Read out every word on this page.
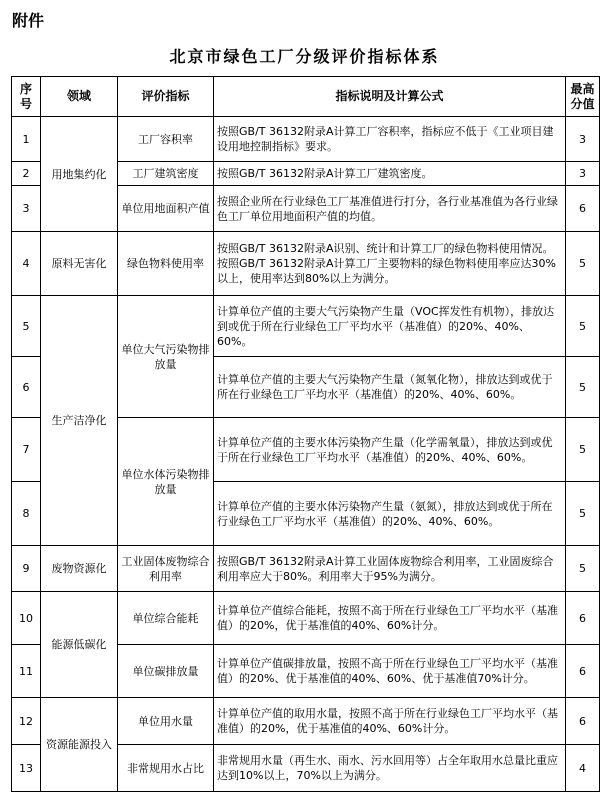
附件
北京市绿色工厂分级评价指标体系
序号	领域	评价指标	指标说明及计算公式	最高分值
1	用地集约化	工厂容积率	按照GB/T 36132附录A计算工厂容积率，指标应不低于《工业项目建设用地控制指标》要求。	3
2		工厂建筑密度	按照GB/T 36132附录A计算工厂建筑密度。	3
3		单位用地面积产值	按照企业所在行业绿色工厂基准值进行打分，各行业基准值为各行业绿色工厂单位用地面积产值的均值。	6
4	原料无害化	绿色物料使用率	按照GB/T 36132附录A识别、统计和计算工厂的绿色物料使用情况。按照GB/T 36132附录A计算工厂主要物料的绿色物料使用率应达30%以上，使用率达到80%以上为满分。	5
5	生产洁净化	单位大气污染物排放量	计算单位产值的主要大气污染物产生量（VOC挥发性有机物），排放达到或优于所在行业绿色工厂平均水平（基准值）的20%、40%、60%。	5
6			计算单位产值的主要大气污染物产生量（氮氧化物），排放达到或优于所在行业绿色工厂平均水平（基准值）的20%、40%、60%。	5
7		单位水体污染物排放量	计算单位产值的主要水体污染物产生量（化学需氧量），排放达到或优于所在行业绿色工厂平均水平（基准值）的20%、40%、60%。	5
8			计算单位产值的主要水体污染物产生量（氨氮），排放达到或优于所在行业绿色工厂平均水平（基准值）的20%、40%、60%。	5
9	废物资源化	工业固体废物综合利用率	按照GB/T 36132附录A计算工业固体废物综合利用率，工业固废综合利用率应大于80%。利用率大于95%为满分。	5
10	能源低碳化	单位综合能耗	计算单位产值综合能耗，按照不高于所在行业绿色工厂平均水平（基准值）的20%，优于基准值的40%、60%计分。	6
11		单位碳排放量	计算单位产值碳排放量，按照不高于所在行业绿色工厂平均水平（基准值）的20%、优于基准值的40%、60%、优于基准值70%计分。	6
12	资源能源投入	单位用水量	计算单位产值的取用水量，按照不高于所在行业绿色工厂平均水平（基准值）的20%，优于基准值的40%、60%计分。	6
13		非常规用水占比	非常规用水量（再生水、雨水、污水回用等）占全年取用水总量比重应达到10%以上，70%以上为满分。	4
